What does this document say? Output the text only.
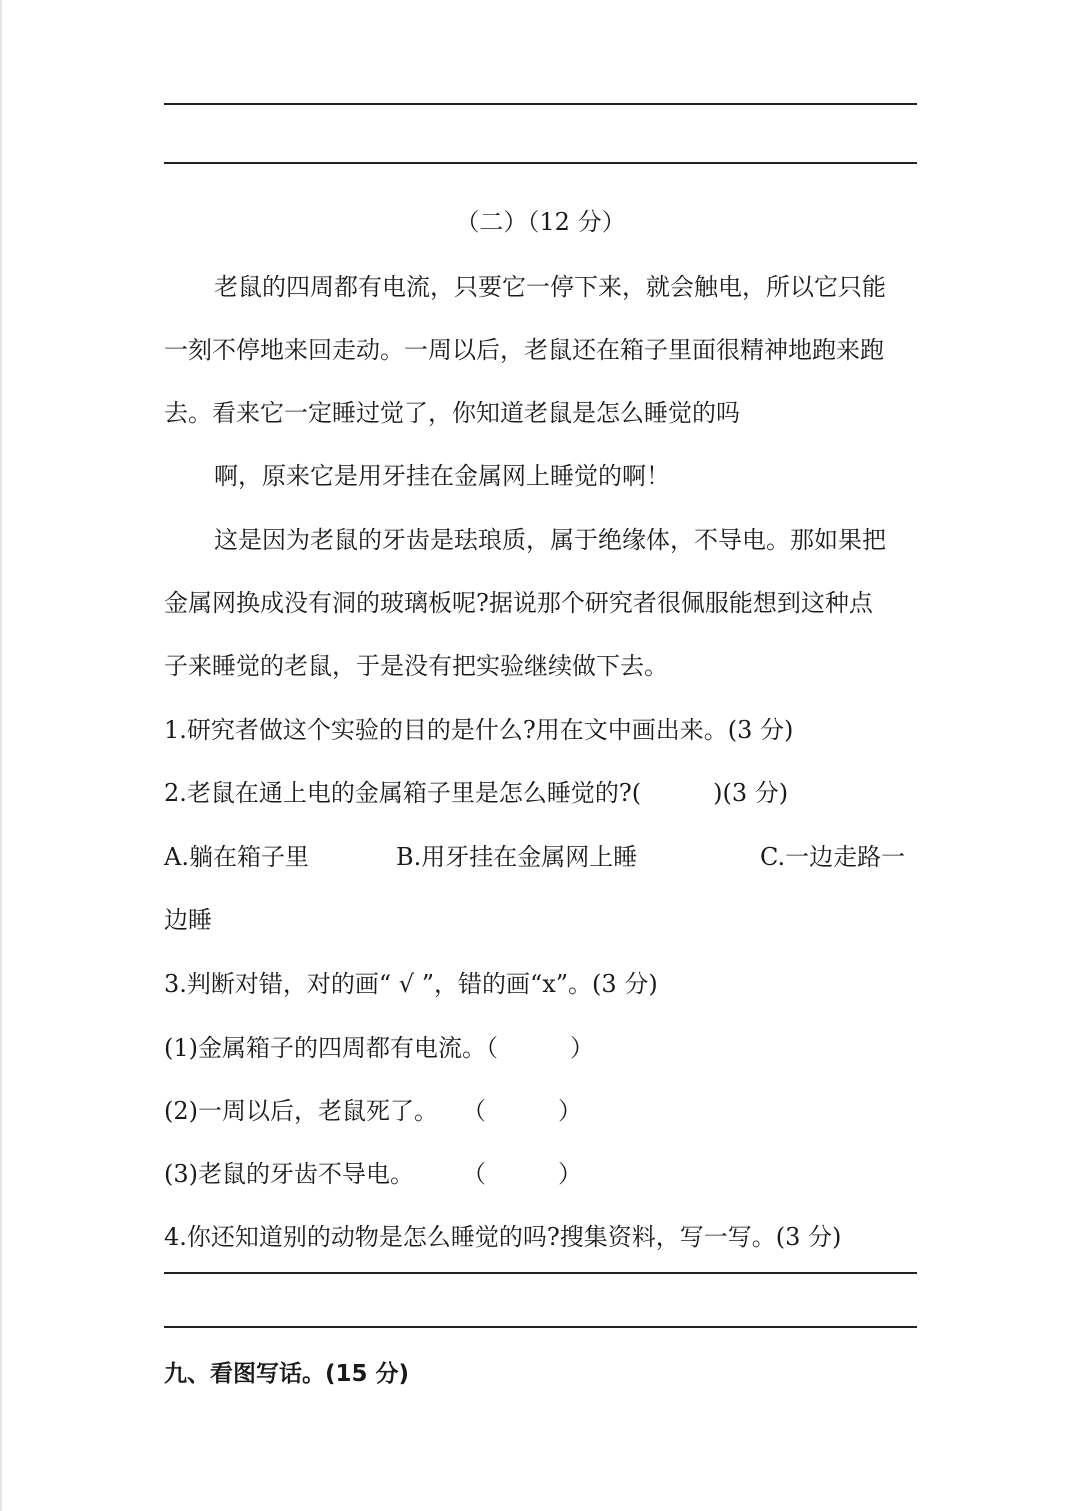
（二）（12 分）
老鼠的四周都有电流，只要它一停下来，就会触电，所以它只能
一刻不停地来回走动。一周以后，老鼠还在箱子里面很精神地跑来跑
去。看来它一定睡过觉了，你知道老鼠是怎么睡觉的吗
啊，原来它是用牙挂在金属网上睡觉的啊！
这是因为老鼠的牙齿是珐琅质，属于绝缘体，不导电。那如果把
金属网换成没有洞的玻璃板呢?据说那个研究者很佩服能想到这种点
子来睡觉的老鼠，于是没有把实验继续做下去。
1.研究者做这个实验的目的是什么?用在文中画出来。(3 分)
2.老鼠在通上电的金属箱子里是怎么睡觉的?(　　　)(3 分)
A.躺在箱子里	B.用牙挂在金属网上睡	C.一边走路一
边睡
3.判断对错，对的画“ √ ”，错的画“x”。(3 分)
(1)金属箱子的四周都有电流。（　　　）
(2)一周以后，老鼠死了。　　（　　　）
(3)老鼠的牙齿不导电。　　　（　　　）
4.你还知道别的动物是怎么睡觉的吗?搜集资料，写一写。(3 分)
九、看图写话。(15 分)
